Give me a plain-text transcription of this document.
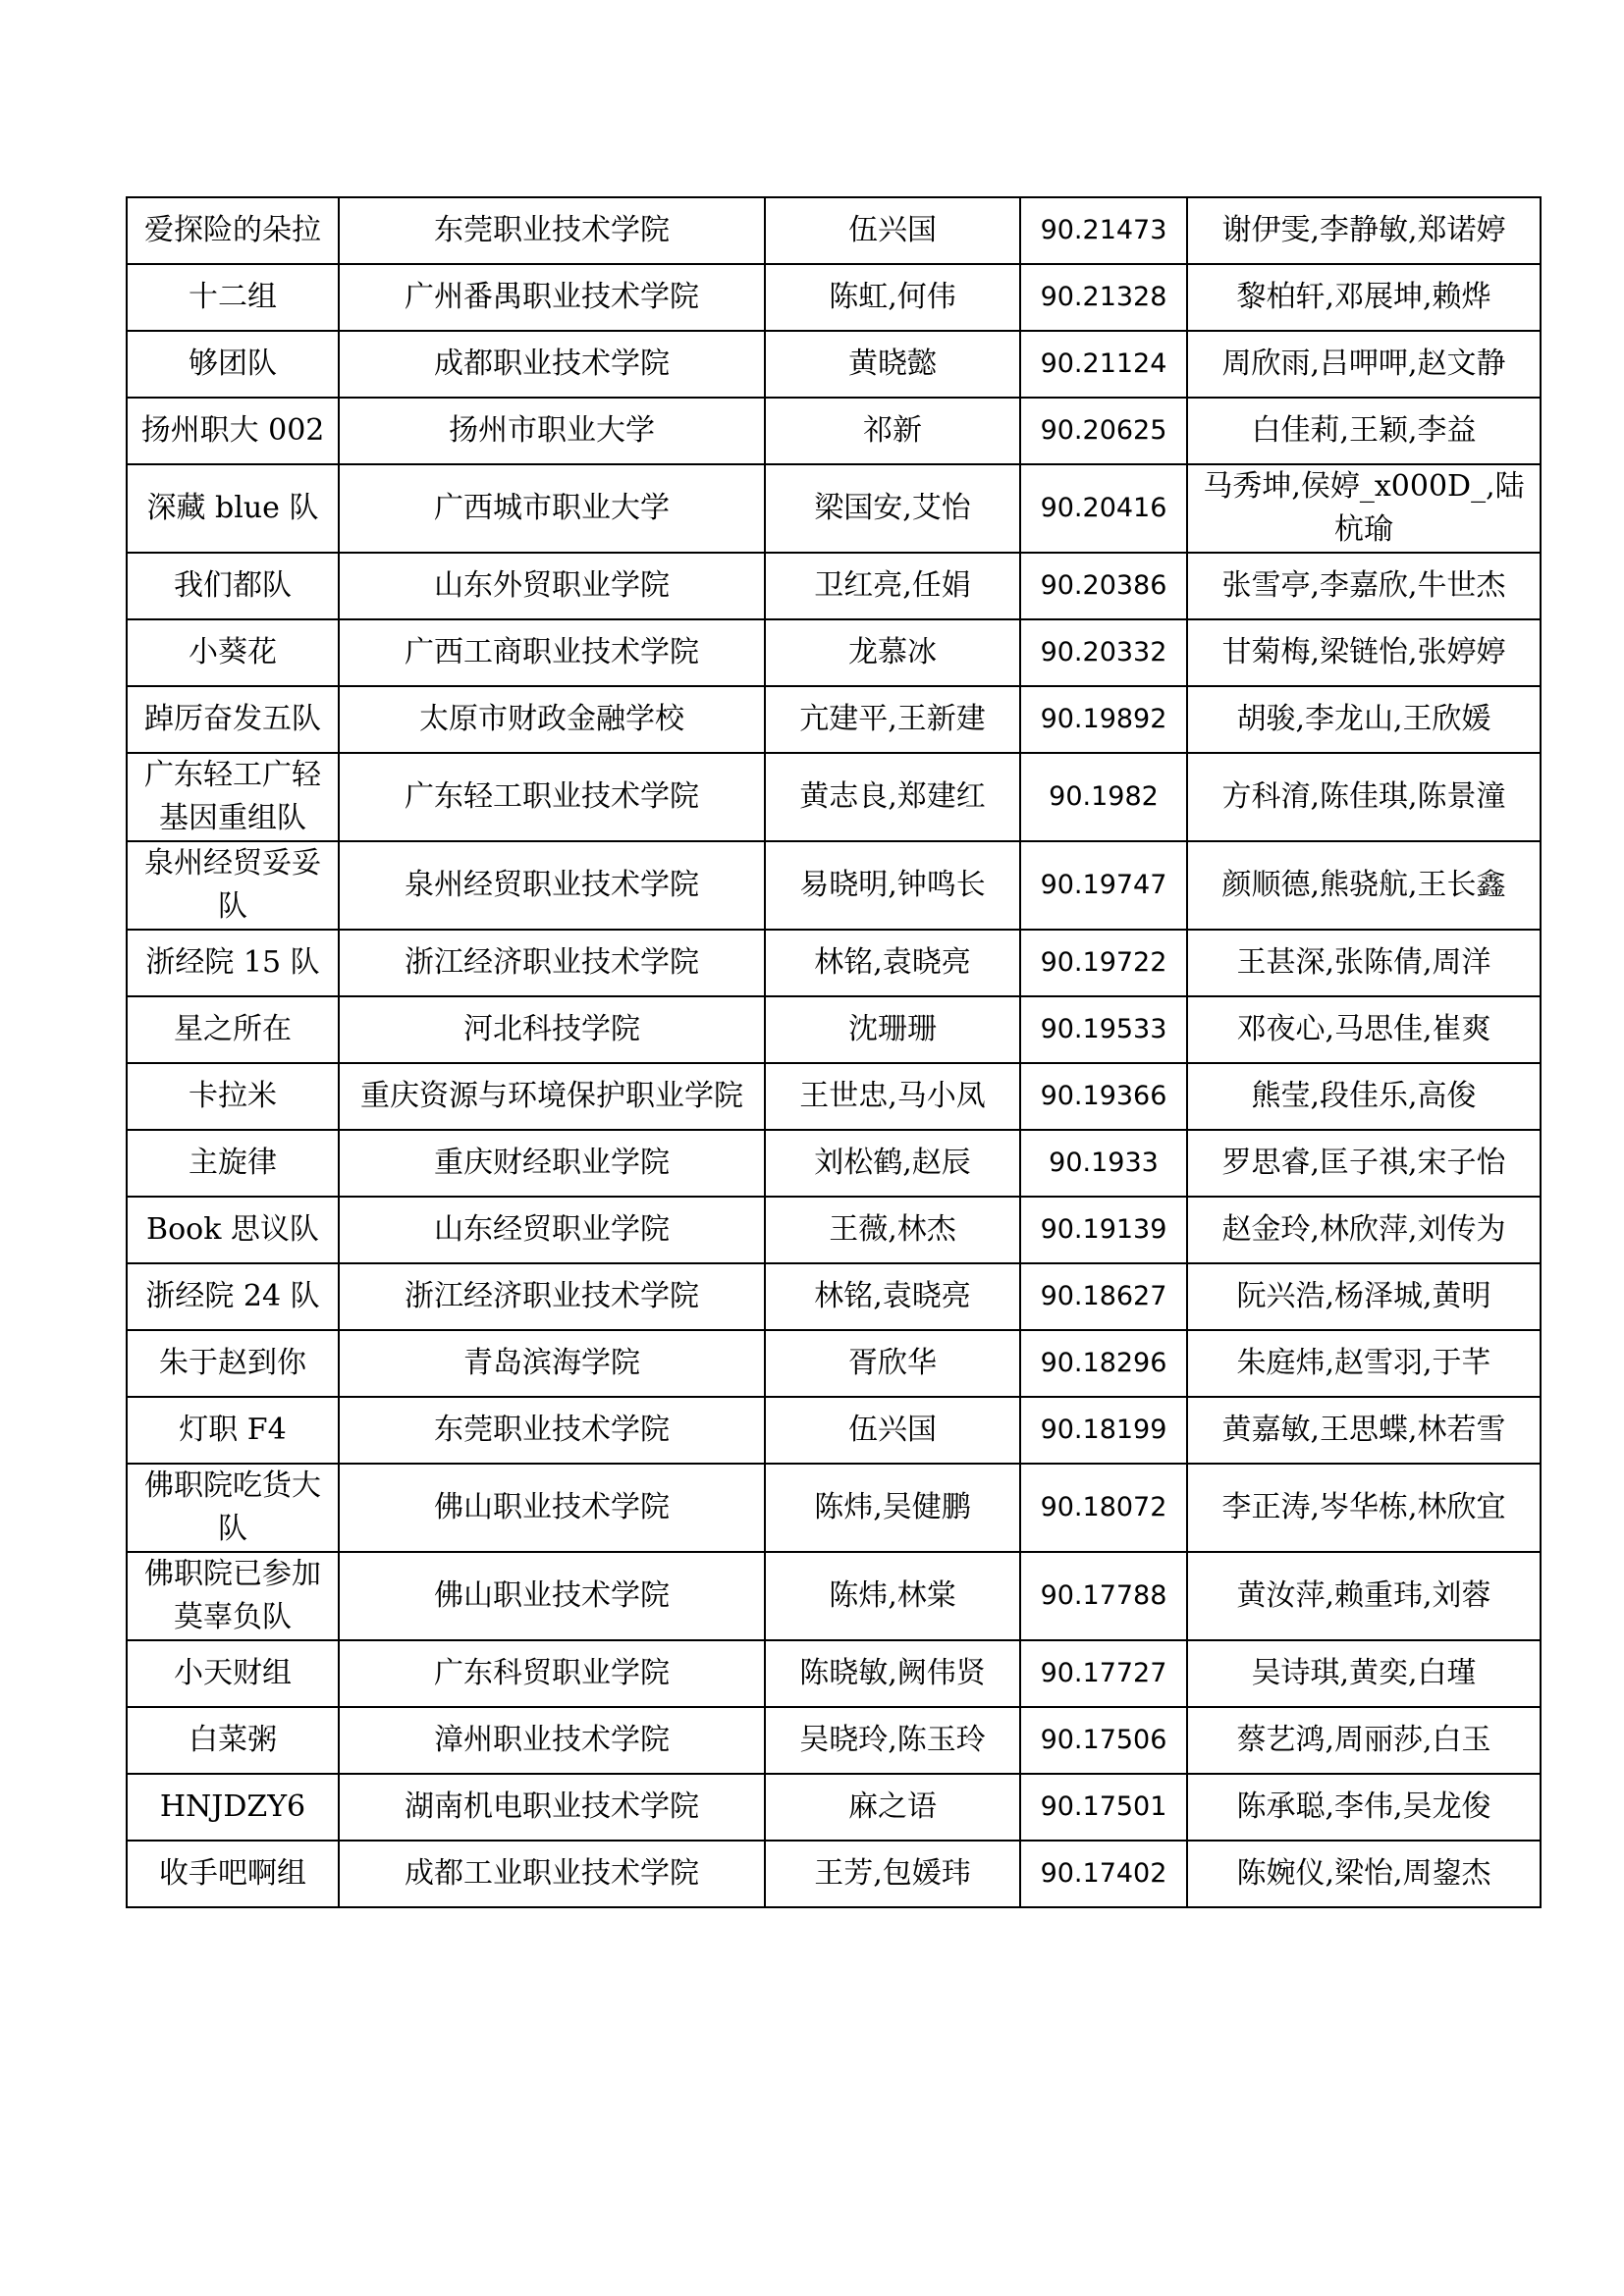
爱探险的朵拉	东莞职业技术学院	伍兴国	90.21473	谢伊雯,李静敏,郑诺婷
十二组	广州番禺职业技术学院	陈虹,何伟	90.21328	黎柏轩,邓展坤,赖烨
够团队	成都职业技术学院	黄晓懿	90.21124	周欣雨,吕呷呷,赵文静
扬州职大 002	扬州市职业大学	祁新	90.20625	白佳莉,王颖,李益
深藏 blue 队	广西城市职业大学	梁国安,艾怡	90.20416	马秀坤,侯婷_x000D_,陆杭瑜
我们都队	山东外贸职业学院	卫红亮,任娟	90.20386	张雪亭,李嘉欣,牛世杰
小葵花	广西工商职业技术学院	龙慕冰	90.20332	甘菊梅,梁链怡,张婷婷
踔厉奋发五队	太原市财政金融学校	亢建平,王新建	90.19892	胡骏,李龙山,王欣媛
广东轻工广轻基因重组队	广东轻工职业技术学院	黄志良,郑建红	90.1982	方科淯,陈佳琪,陈景潼
泉州经贸妥妥队	泉州经贸职业技术学院	易晓明,钟鸣长	90.19747	颜顺德,熊骁航,王长鑫
浙经院 15 队	浙江经济职业技术学院	林铭,袁晓亮	90.19722	王甚深,张陈倩,周洋
星之所在	河北科技学院	沈珊珊	90.19533	邓夜心,马思佳,崔爽
卡拉米	重庆资源与环境保护职业学院	王世忠,马小凤	90.19366	熊莹,段佳乐,高俊
主旋律	重庆财经职业学院	刘松鹤,赵辰	90.1933	罗思睿,匡子祺,宋子怡
Book 思议队	山东经贸职业学院	王薇,林杰	90.19139	赵金玲,林欣萍,刘传为
浙经院 24 队	浙江经济职业技术学院	林铭,袁晓亮	90.18627	阮兴浩,杨泽城,黄明
朱于赵到你	青岛滨海学院	胥欣华	90.18296	朱庭炜,赵雪羽,于芊
灯职 F4	东莞职业技术学院	伍兴国	90.18199	黄嘉敏,王思蝶,林若雪
佛职院吃货大队	佛山职业技术学院	陈炜,吴健鹏	90.18072	李正涛,岑华栋,林欣宜
佛职院已参加莫辜负队	佛山职业技术学院	陈炜,林棠	90.17788	黄汝萍,赖重玮,刘蓉
小天财组	广东科贸职业学院	陈晓敏,阙伟贤	90.17727	吴诗琪,黄奕,白瑾
白菜粥	漳州职业技术学院	吴晓玲,陈玉玲	90.17506	蔡艺鸿,周丽莎,白玉
HNJDZY6	湖南机电职业技术学院	麻之语	90.17501	陈承聪,李伟,吴龙俊
收手吧啊组	成都工业职业技术学院	王芳,包媛玮	90.17402	陈婉仪,梁怡,周鋆杰
